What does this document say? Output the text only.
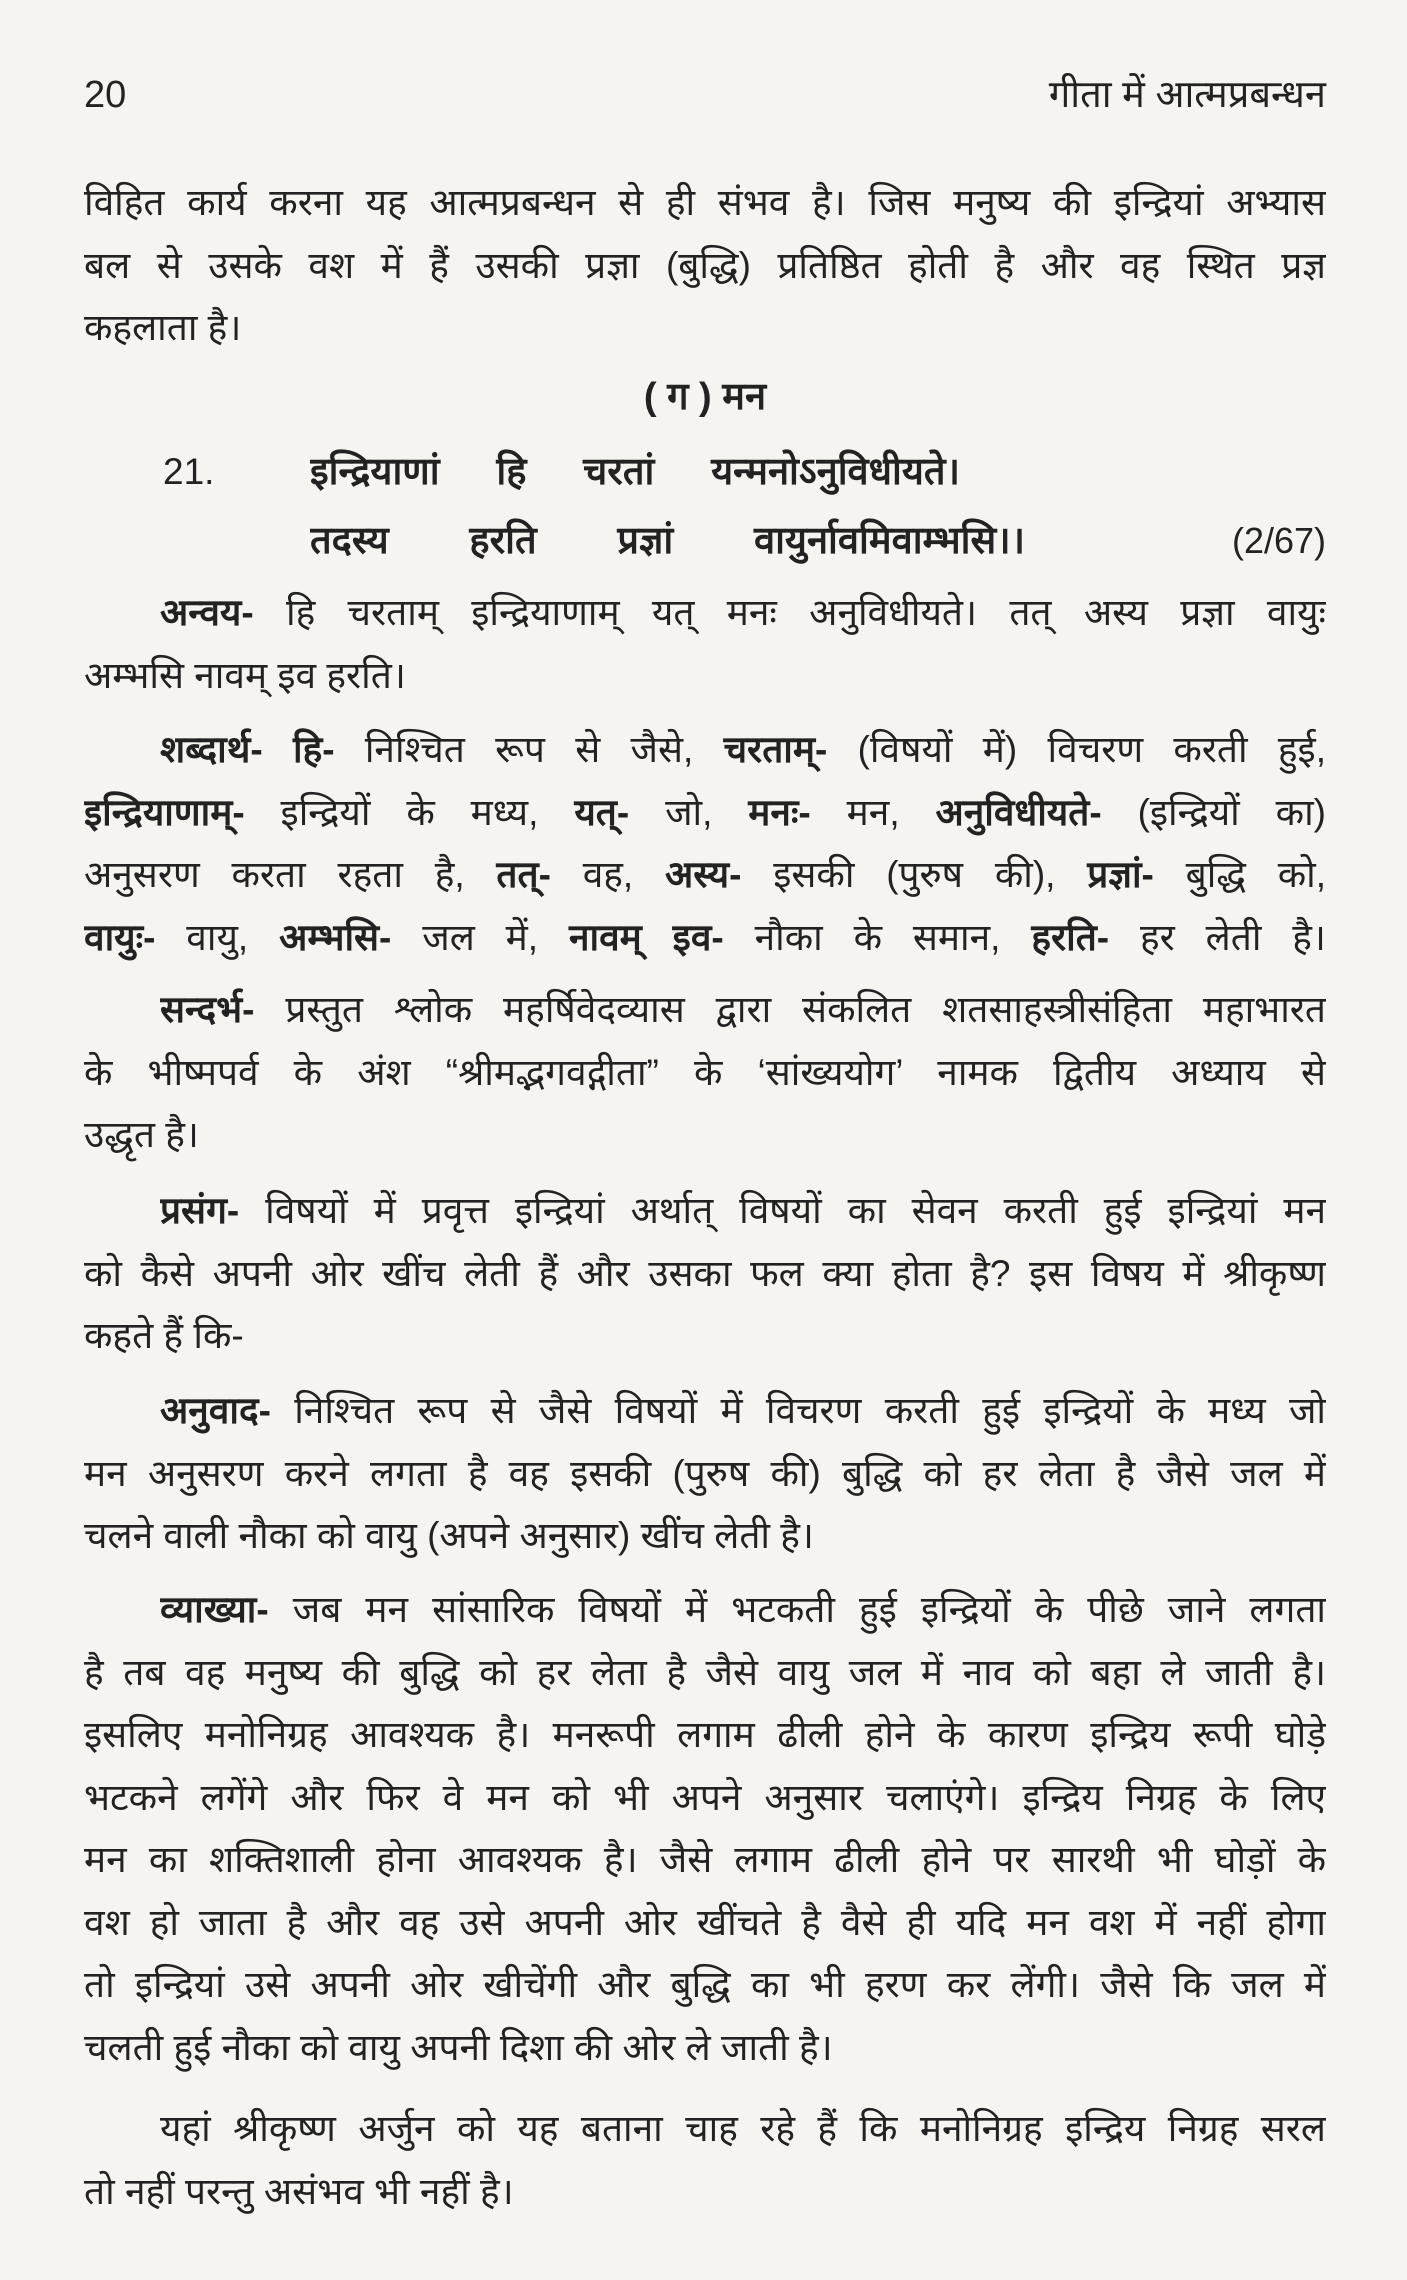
20	गीता में आत्मप्रबन्धन
विहित कार्य करना यह आत्मप्रबन्धन से ही संभव है। जिस मनुष्य की इन्द्रियां अभ्यास
बल से उसके वश में हैं उसकी प्रज्ञा (बुद्धि) प्रतिष्ठित होती है और वह स्थित प्रज्ञ
कहलाता है।
( ग ) मन
21.	इन्द्रियाणां हि चरतां यन्मनोऽनुविधीयते।
तदस्य हरति प्रज्ञां वायुर्नावमिवाम्भसि।।	(2/67)
अन्वय- हि चरताम् इन्द्रियाणाम् यत् मनः अनुविधीयते। तत् अस्य प्रज्ञा वायुः
अम्भसि नावम् इव हरति।
शब्दार्थ- हि- निश्चित रूप से जैसे, चरताम्- (विषयों में) विचरण करती हुई,
इन्द्रियाणाम्- इन्द्रियों के मध्य, यत्- जो, मनः- मन, अनुविधीयते- (इन्द्रियों का)
अनुसरण करता रहता है, तत्- वह, अस्य- इसकी (पुरुष की), प्रज्ञां- बुद्धि को,
वायुः- वायु, अम्भसि- जल में, नावम् इव- नौका के समान, हरति- हर लेती है।
सन्दर्भ- प्रस्तुत श्लोक महर्षिवेदव्यास द्वारा संकलित शतसाहस्त्रीसंहिता महाभारत
के भीष्मपर्व के अंश “श्रीमद्भगवद्गीता” के ‘सांख्ययोग’ नामक द्वितीय अध्याय से
उद्धृत है।
प्रसंग- विषयों में प्रवृत्त इन्द्रियां अर्थात् विषयों का सेवन करती हुई इन्द्रियां मन
को कैसे अपनी ओर खींच लेती हैं और उसका फल क्या होता है? इस विषय में श्रीकृष्ण
कहते हैं कि-
अनुवाद- निश्चित रूप से जैसे विषयों में विचरण करती हुई इन्द्रियों के मध्य जो
मन अनुसरण करने लगता है वह इसकी (पुरुष की) बुद्धि को हर लेता है जैसे जल में
चलने वाली नौका को वायु (अपने अनुसार) खींच लेती है।
व्याख्या- जब मन सांसारिक विषयों में भटकती हुई इन्द्रियों के पीछे जाने लगता
है तब वह मनुष्य की बुद्धि को हर लेता है जैसे वायु जल में नाव को बहा ले जाती है।
इसलिए मनोनिग्रह आवश्यक है। मनरूपी लगाम ढीली होने के कारण इन्द्रिय रूपी घोड़े
भटकने लगेंगे और फिर वे मन को भी अपने अनुसार चलाएंगे। इन्द्रिय निग्रह के लिए
मन का शक्तिशाली होना आवश्यक है। जैसे लगाम ढीली होने पर सारथी भी घोड़ों के
वश हो जाता है और वह उसे अपनी ओर खींचते है वैसे ही यदि मन वश में नहीं होगा
तो इन्द्रियां उसे अपनी ओर खीचेंगी और बुद्धि का भी हरण कर लेंगी। जैसे कि जल में
चलती हुई नौका को वायु अपनी दिशा की ओर ले जाती है।
यहां श्रीकृष्ण अर्जुन को यह बताना चाह रहे हैं कि मनोनिग्रह इन्द्रिय निग्रह सरल
तो नहीं परन्तु असंभव भी नहीं है।
